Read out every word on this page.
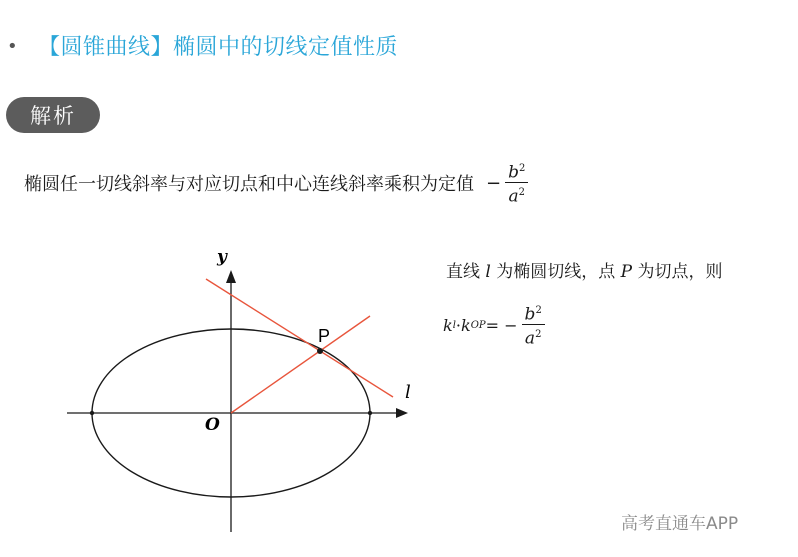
• 【圆锥曲线】椭圆中的切线定值性质
解析
椭圆任一切线斜率与对应切点和中心连线斜率乘积为定值 − $\frac{b^2}{a^2}$
y
O
P
l
直线 l 为椭圆切线，点 P 为切点，则
k l · k OP = − $\frac{b^2}{a^2}$
高考直通车APP
